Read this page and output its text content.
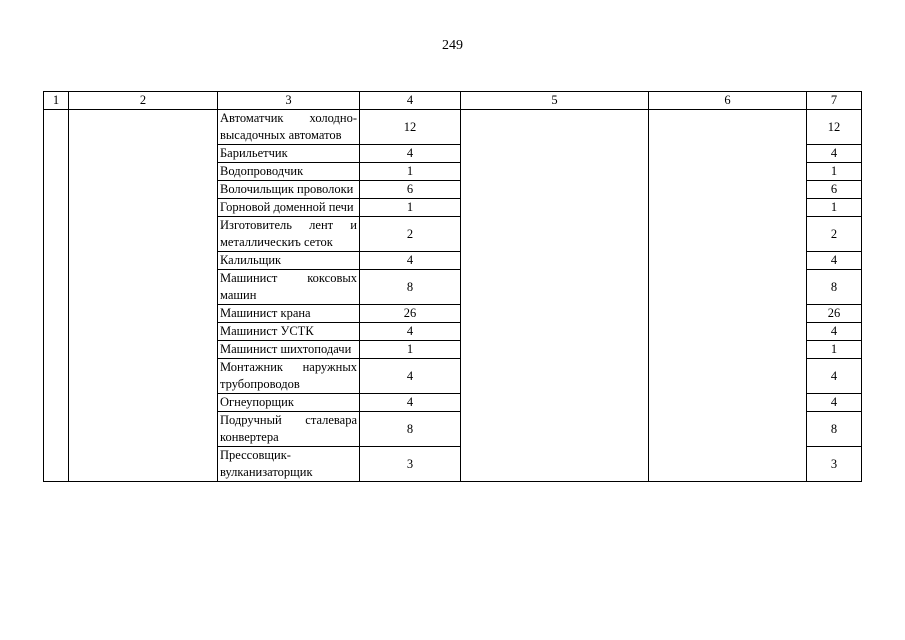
249
1	2	3	4	5	6	7
		Автоматчик холодно-высадочных автоматов	12			12
		Барильетчик	4			4
		Водопроводчик	1			1
		Волочильщик проволоки	6			6
		Горновой доменной печи	1			1
		Изготовитель лент и металлическиъ сеток	2			2
		Калильщик	4			4
		Машинист коксовых машин	8			8
		Машинист крана	26			26
		Машинист УСТК	4			4
		Машинист шихтоподачи	1			1
		Монтажник наружных трубопроводов	4			4
		Огнеупорщик	4			4
		Подручный сталевара конвертера	8			8
		Прессовщик-вулканизаторщик	3			3
